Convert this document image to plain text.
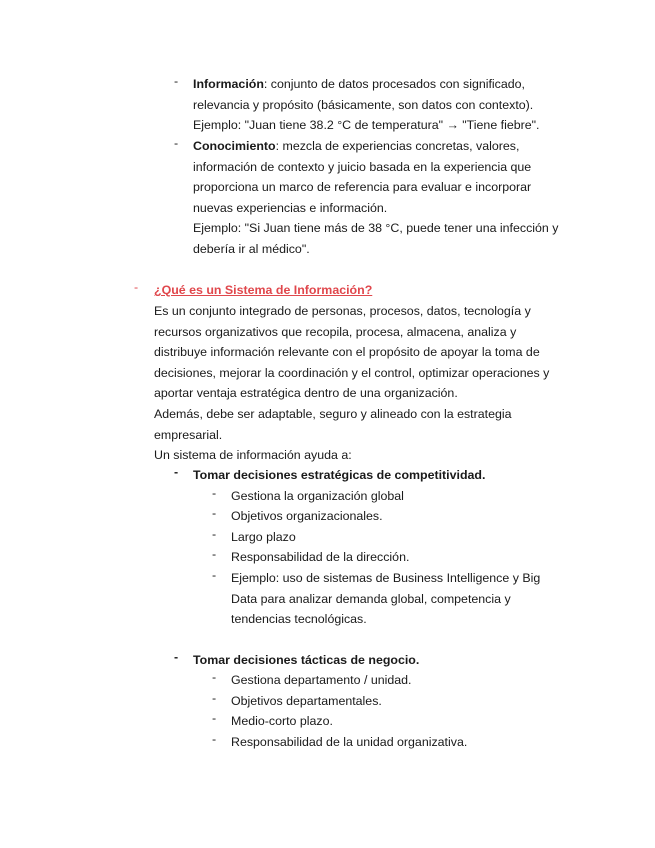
- Información: conjunto de datos procesados con significado,
relevancia y propósito (básicamente, son datos con contexto).
Ejemplo: "Juan tiene 38.2 °C de temperatura" → "Tiene fiebre".
- Conocimiento: mezcla de experiencias concretas, valores,
información de contexto y juicio basada en la experiencia que
proporciona un marco de referencia para evaluar e incorporar
nuevas experiencias e información.
Ejemplo: "Si Juan tiene más de 38 °C, puede tener una infección y
debería ir al médico".
- ¿Qué es un Sistema de Información?
Es un conjunto integrado de personas, procesos, datos, tecnología y
recursos organizativos que recopila, procesa, almacena, analiza y
distribuye información relevante con el propósito de apoyar la toma de
decisiones, mejorar la coordinación y el control, optimizar operaciones y
aportar ventaja estratégica dentro de una organización.
Además, debe ser adaptable, seguro y alineado con la estrategia
empresarial.
Un sistema de información ayuda a:
- Tomar decisiones estratégicas de competitividad.
- Gestiona la organización global
- Objetivos organizacionales.
- Largo plazo
- Responsabilidad de la dirección.
- Ejemplo: uso de sistemas de Business Intelligence y Big
Data para analizar demanda global, competencia y
tendencias tecnológicas.
- Tomar decisiones tácticas de negocio.
- Gestiona departamento / unidad.
- Objetivos departamentales.
- Medio-corto plazo.
- Responsabilidad de la unidad organizativa.
